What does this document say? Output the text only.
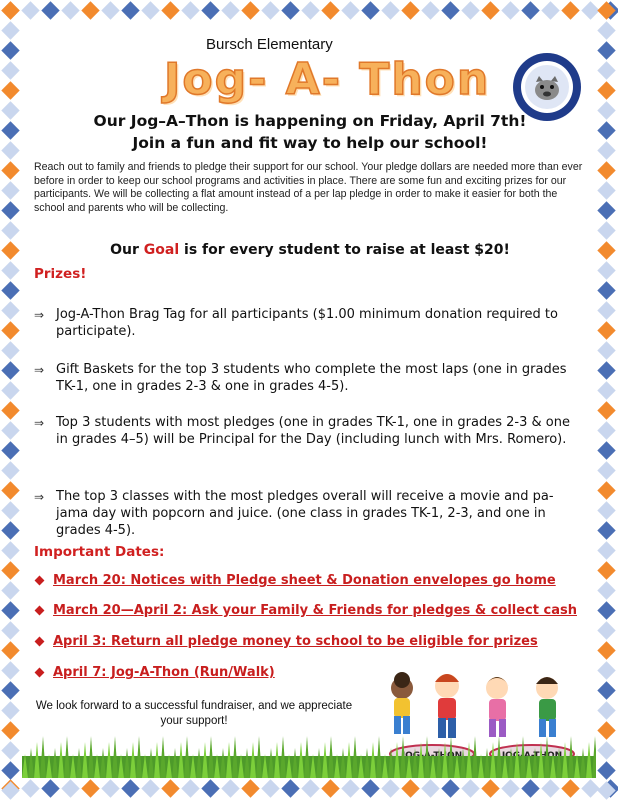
Bursch Elementary
Jog- A- Thon
Our Jog–A–Thon is happening on Friday, April 7th!
Join a fun and fit way to help our school!
Reach out to family and friends to pledge their support for our school. Your pledge dollars are needed more than ever before in order to keep our school programs and activities in place. There are some fun and exciting prizes for our participants. We will be collecting a flat amount instead of a per lap pledge in order to make it easier for both the school and parents who will be collecting.
Our Goal is for every student to raise at least $20!
Prizes!
⇒ Jog-A-Thon Brag Tag for all participants ($1.00 minimum donation required to participate).
⇒ Gift Baskets for the top 3 students who complete the most laps (one in grades TK-1, one in grades 2-3 & one in grades 4-5).
⇒ Top 3 students with most pledges (one in grades TK-1, one in grades 2-3 & one in grades 4–5) will be Principal for the Day (including lunch with Mrs. Romero).
⇒ The top 3 classes with the most pledges overall will receive a movie and pa-jama day with popcorn and juice. (one class in grades TK-1, 2-3, and one in grades 4-5).
Important Dates:
March 20: Notices with Pledge sheet & Donation envelopes go home
March 20—April 2: Ask your Family & Friends for pledges & collect cash
April 3: Return all pledge money to school to be eligible for prizes
April 7: Jog-A-Thon (Run/Walk)
We look forward to a successful fundraiser, and we appreciate your support!
